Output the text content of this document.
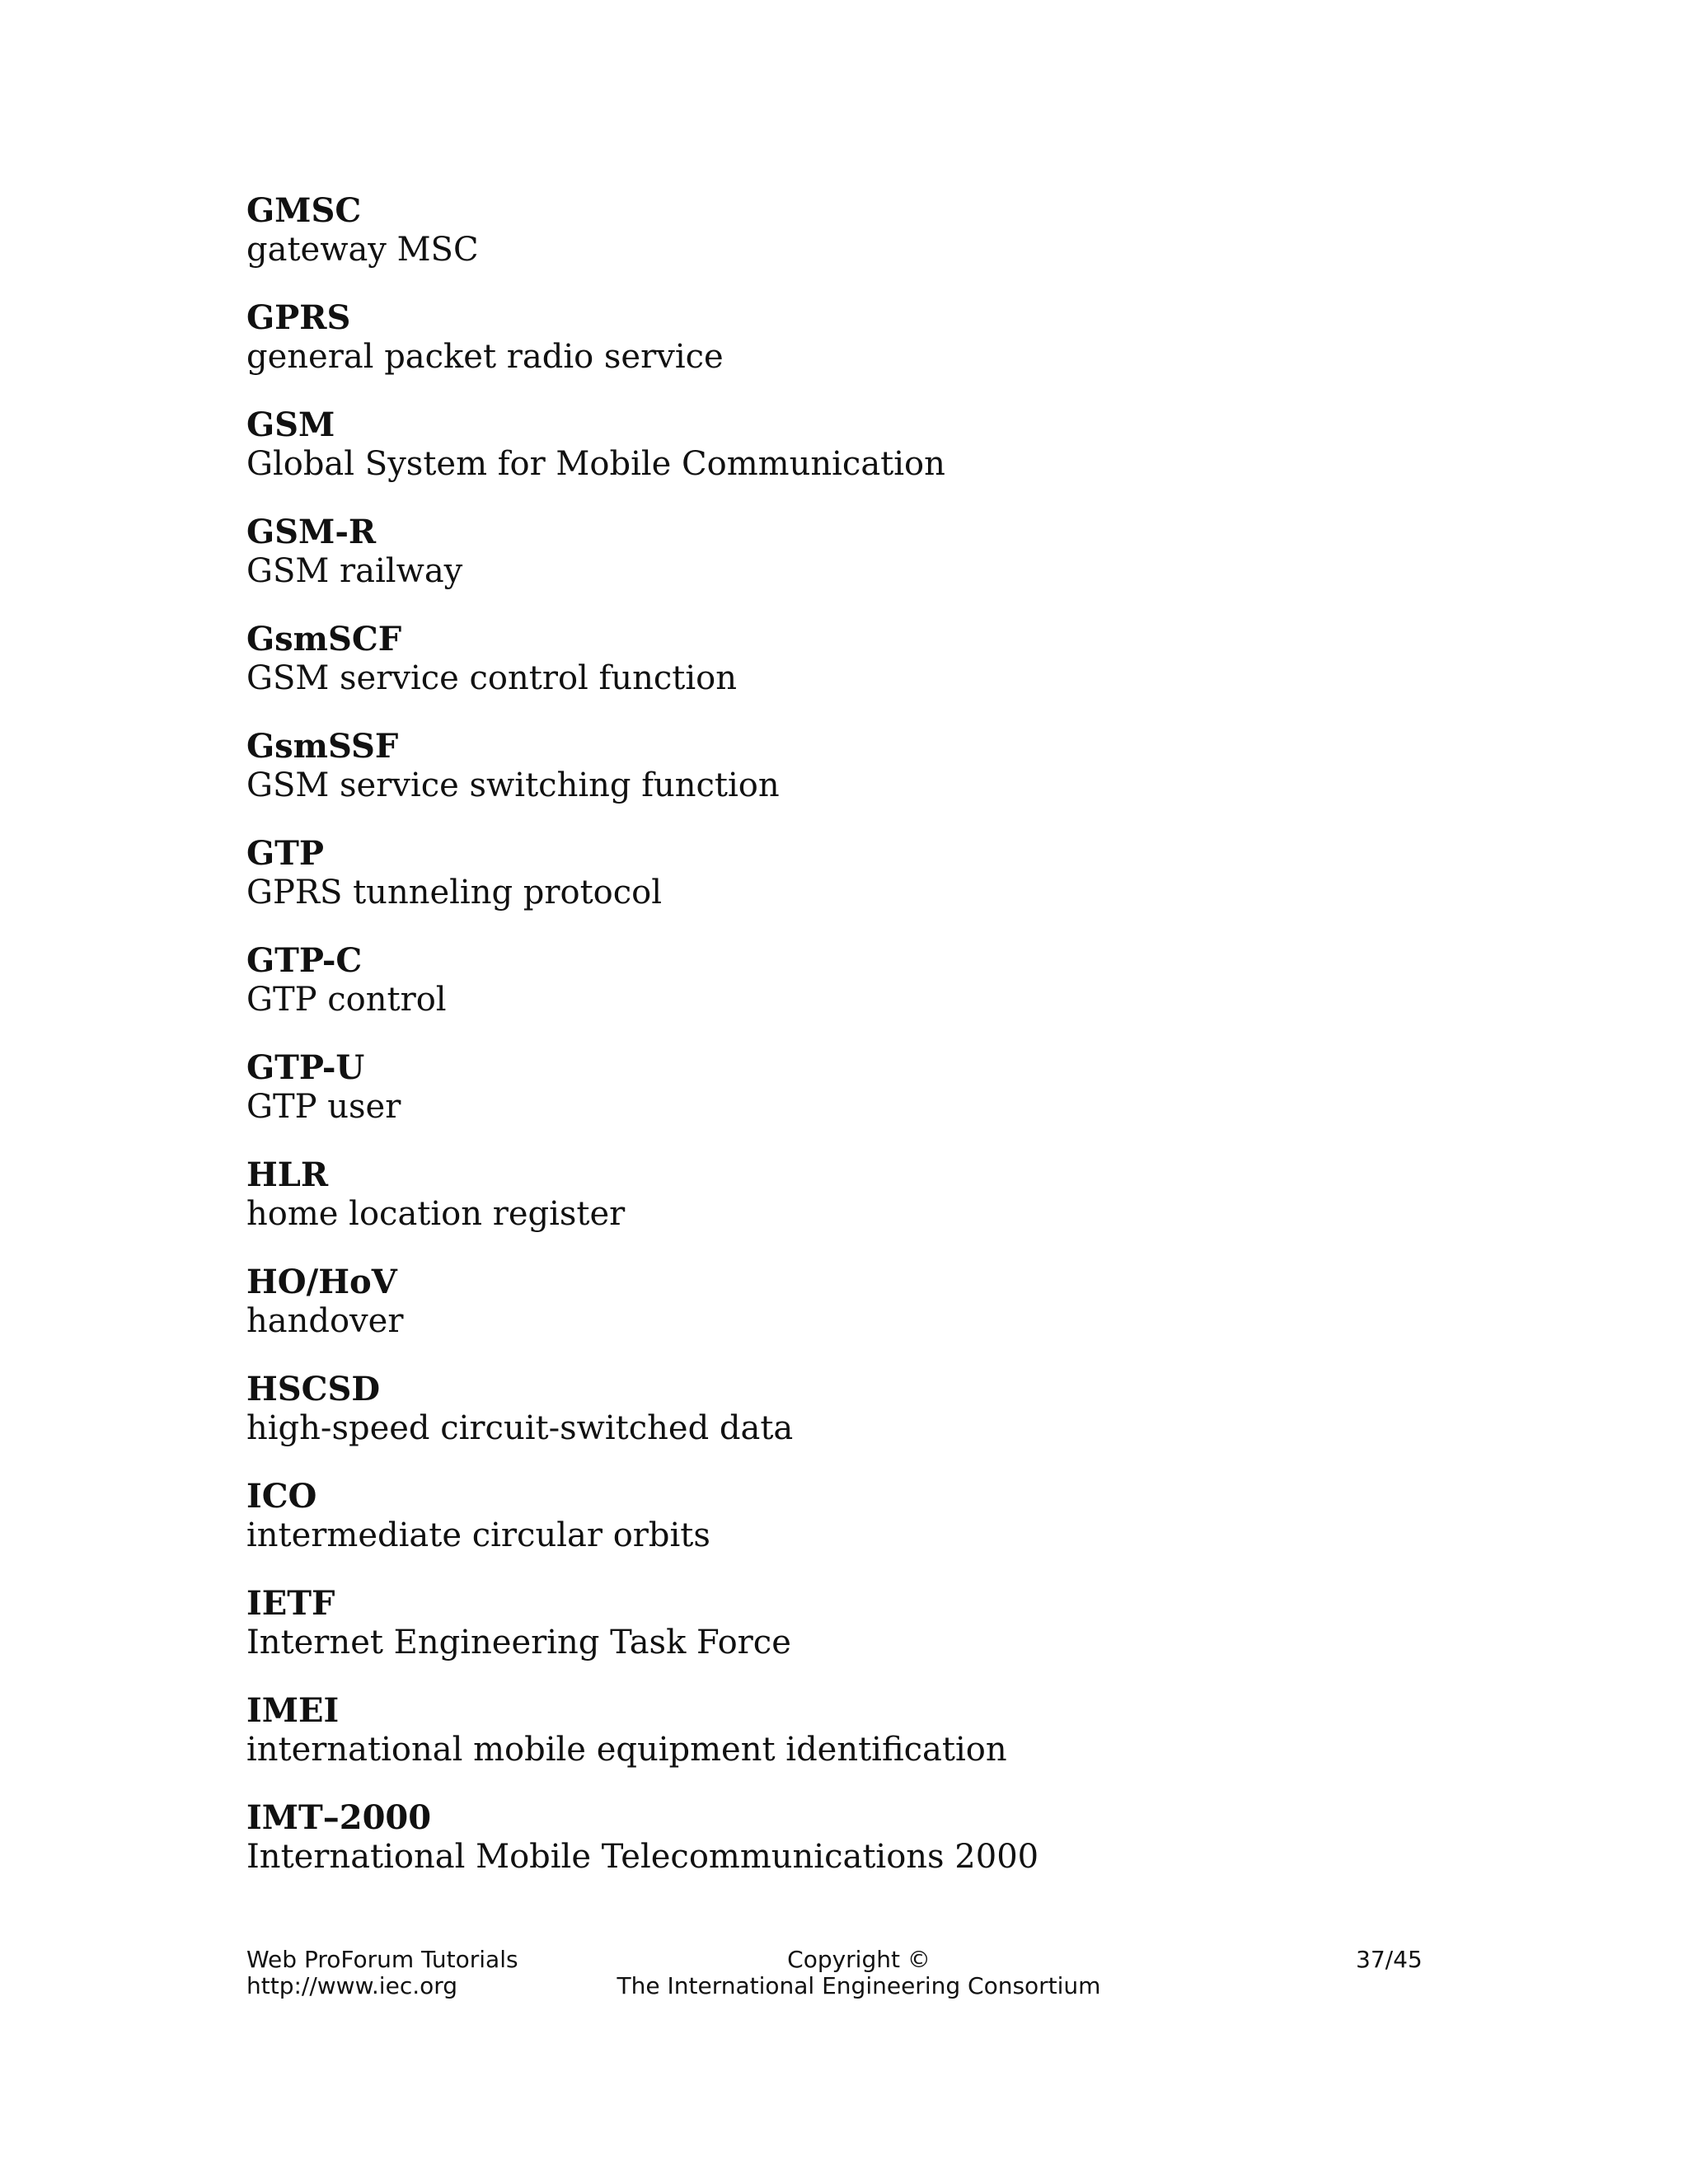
GMSC
gateway MSC
GPRS
general packet radio service
GSM
Global System for Mobile Communication
GSM-R
GSM railway
GsmSCF
GSM service control function
GsmSSF
GSM service switching function
GTP
GPRS tunneling protocol
GTP-C
GTP control
GTP-U
GTP user
HLR
home location register
HO/HoV
handover
HSCSD
high-speed circuit-switched data
ICO
intermediate circular orbits
IETF
Internet Engineering Task Force
IMEI
international mobile equipment identification
IMT–2000
International Mobile Telecommunications 2000
Web ProForum Tutorials
http://www.iec.org
Copyright ©
The International Engineering Consortium
37/45
